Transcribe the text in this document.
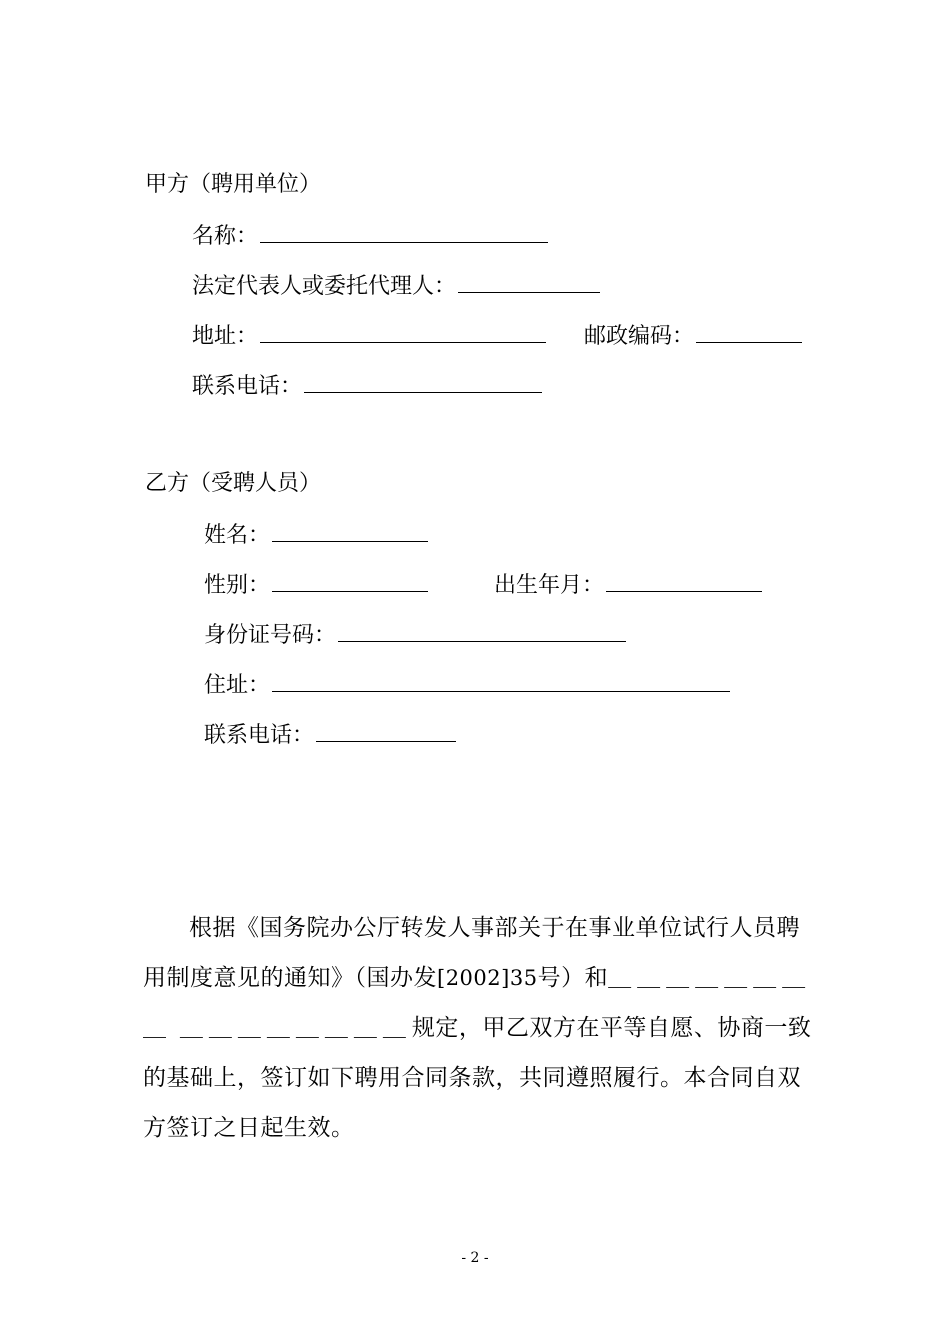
甲方（聘用单位）
名称：
法定代表人或委托代理人：
地址：	邮政编码：
联系电话：
乙方（受聘人员）
姓名：
性别：	出生年月：
身份证号码：
住址：
联系电话：
根据《国务院办公厅转发人事部关于在事业单位试行人员聘用制度意见的通知》（国办发[2002]35号）和＿＿＿＿＿＿＿＿ ＿＿＿＿＿＿＿＿规定，甲乙双方在平等自愿、协商一致的基础上，签订如下聘用合同条款，共同遵照履行。本合同自双方签订之日起生效。
- 2 -
